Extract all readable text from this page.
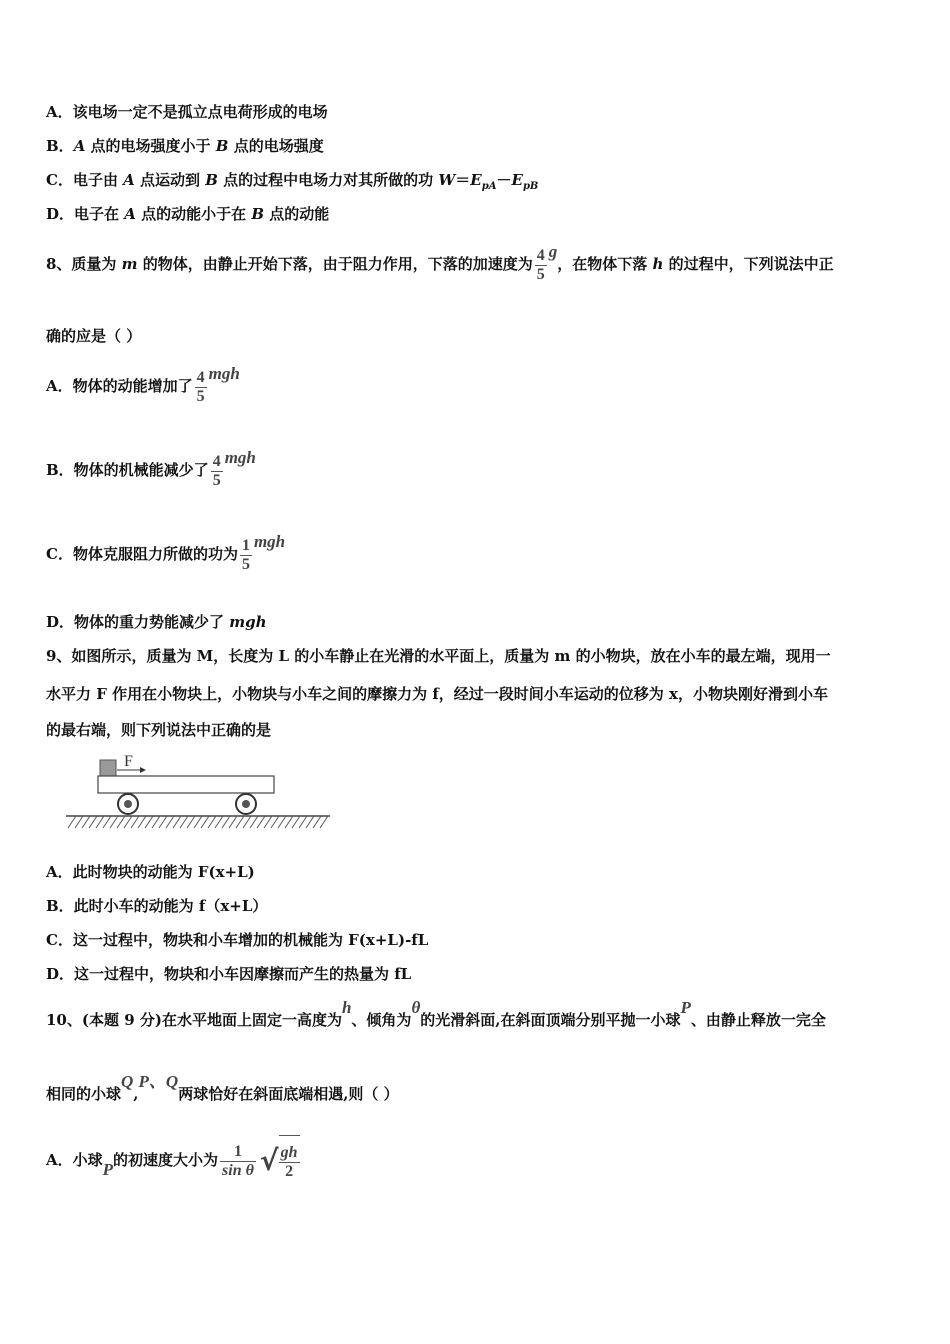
A．该电场一定不是孤立点电荷形成的电场
B．A 点的电场强度小于 B 点的电场强度
C．电子由 A 点运动到 B 点的过程中电场力对其所做的功 $W=E_{pA}-E_{pB}$
D．电子在 A 点的动能小于在 B 点的动能
8、质量为 m 的物体，由静止开始下落，由于阻力作用，下落的加速度为 $\frac{4}{5}$ g，在物体下落 h 的过程中，下列说法中正
确的应是（ ）
A．物体的动能增加了 $\frac{4}{5}$ mgh
B．物体的机械能减少了 $\frac{4}{5}$ mgh
C．物体克服阻力所做的功为 $\frac{1}{5}$ mgh
D．物体的重力势能减少了 mgh
9、如图所示，质量为 M，长度为 L 的小车静止在光滑的水平面上，质量为 m 的小物块，放在小车的最左端，现用一
水平力 F 作用在小物块上，小物块与小车之间的摩擦力为 f，经过一段时间小车运动的位移为 x，小物块刚好滑到小车
的最右端，则下列说法中正确的是
F
A．此时物块的动能为 F(x+L)
B．此时小车的动能为 f（x+L）
C．这一过程中，物块和小车增加的机械能为 F(x+L)-fL
D．这一过程中，物块和小车因摩擦而产生的热量为 fL
10、(本题 9 分)在水平地面上固定一高度为h、倾角为θ的光滑斜面,在斜面顶端分别平抛一小球P、由静止释放一完全
相同的小球Q,P、Q两球恰好在斜面底端相遇,则（ ）
A．小球P的初速度大小为 $\frac{1}{\text{sin θ}}$ √ $\frac{gh}{2}$
